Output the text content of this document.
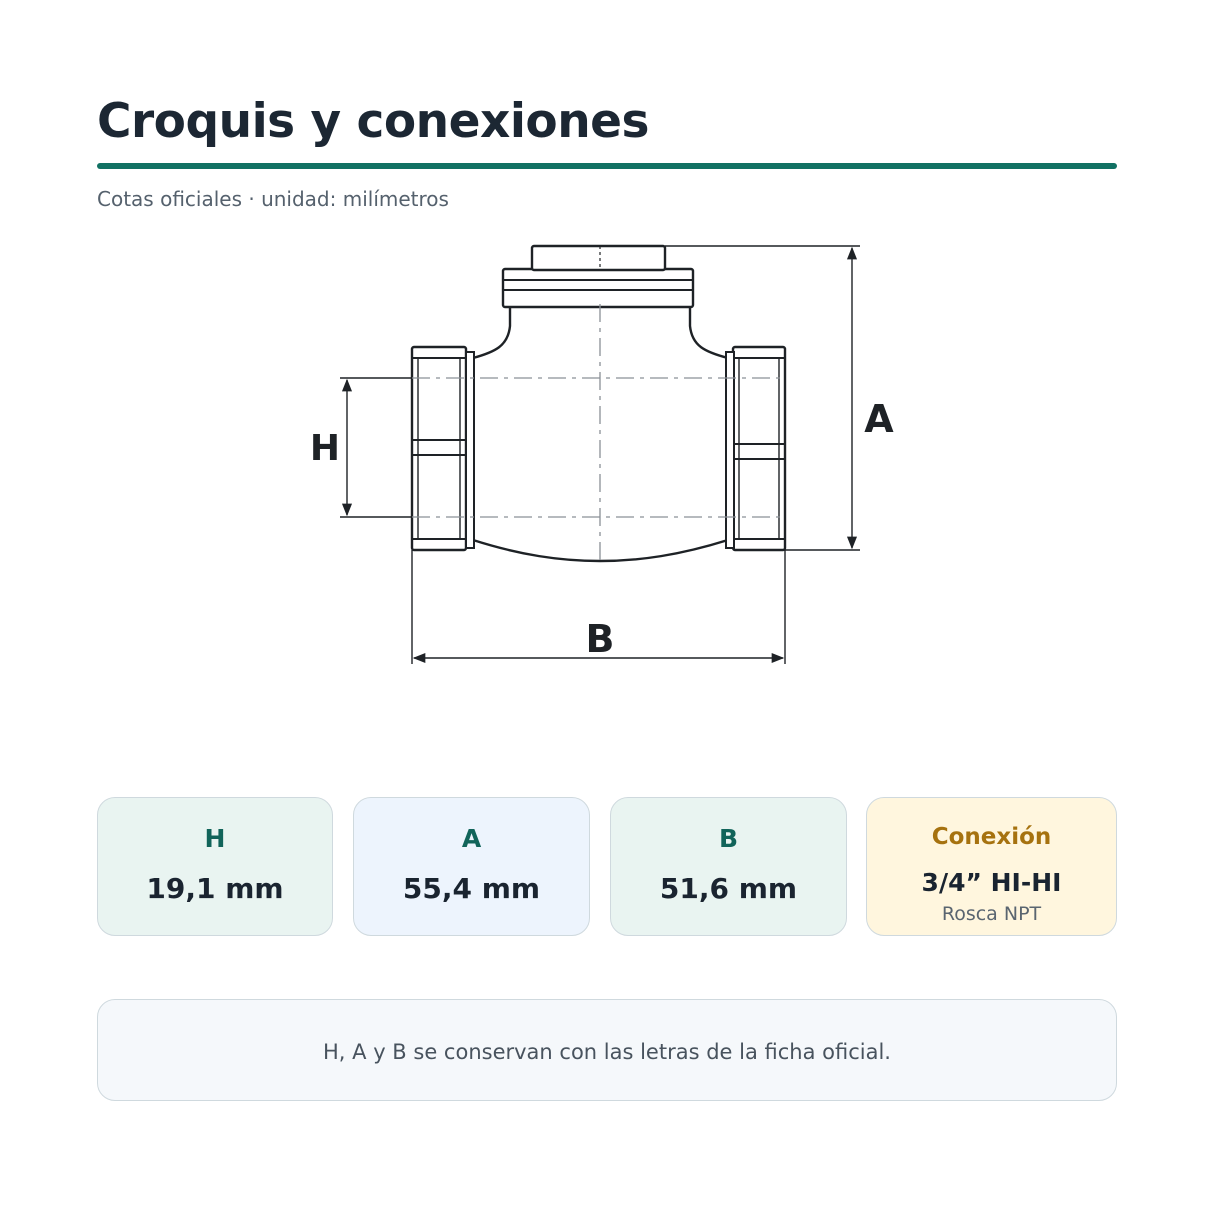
Croquis y conexiones
Cotas oficiales · unidad: milímetros
H
A
B
H
19,1 mm
A
55,4 mm
B
51,6 mm
Conexión
3/4” HI-HI
Rosca NPT
H, A y B se conservan con las letras de la ficha oficial.
